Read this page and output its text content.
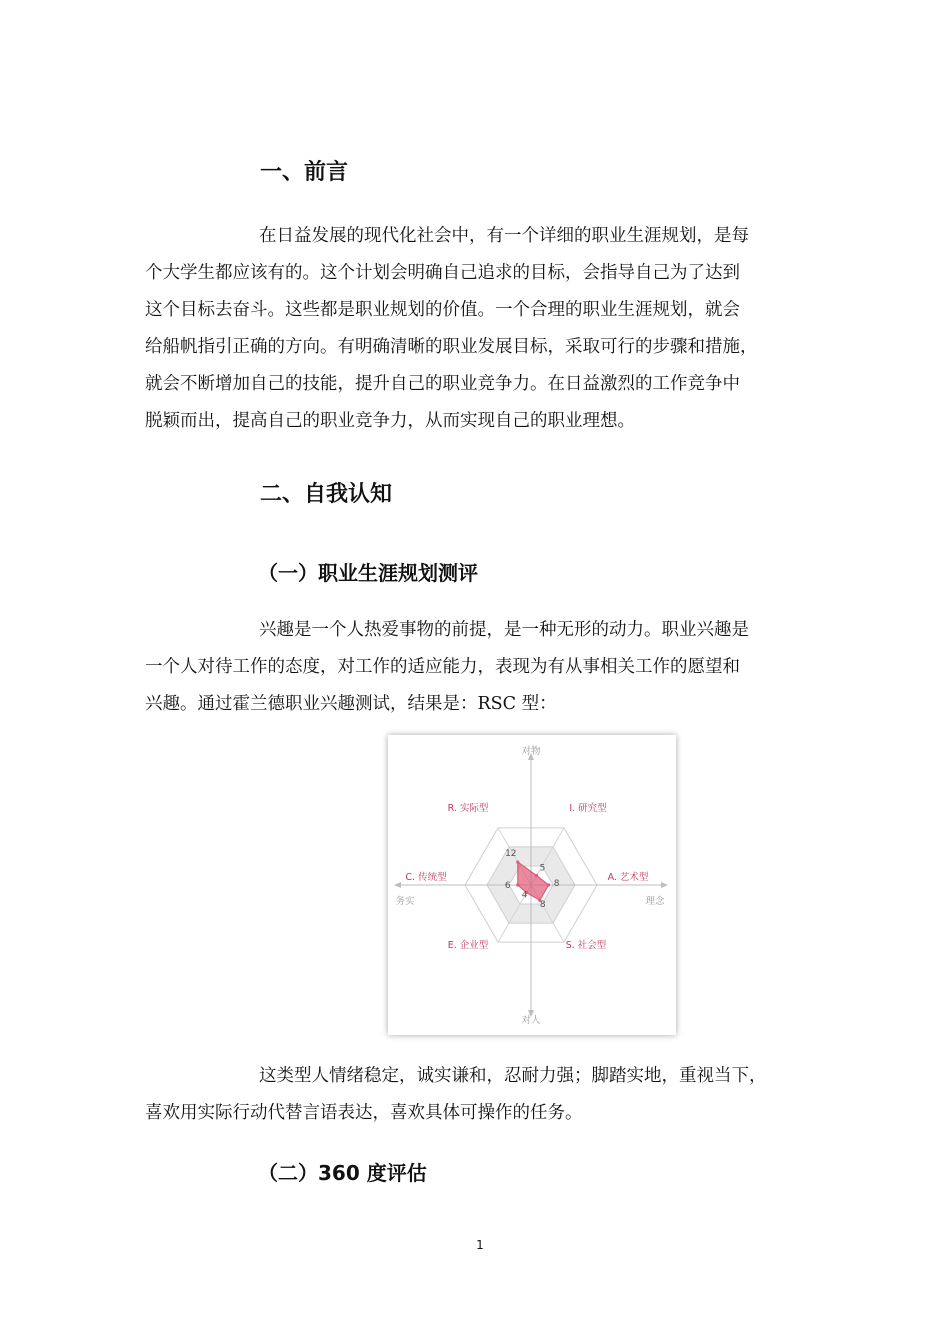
一、前言
在日益发展的现代化社会中，有一个详细的职业生涯规划，是每
个大学生都应该有的。这个计划会明确自己追求的目标，会指导自己为了达到
这个目标去奋斗。这些都是职业规划的价值。一个合理的职业生涯规划，就会
给船帆指引正确的方向。有明确清晰的职业发展目标，采取可行的步骤和措施，
就会不断增加自己的技能，提升自己的职业竞争力。在日益激烈的工作竞争中
脱颖而出，提高自己的职业竞争力，从而实现自己的职业理想。
二、自我认知
（一）职业生涯规划测评
兴趣是一个人热爱事物的前提，是一种无形的动力。职业兴趣是
一个人对待工作的态度，对工作的适应能力，表现为有从事相关工作的愿望和
兴趣。通过霍兰德职业兴趣测试，结果是：RSC 型：
12
5
8
8
4
6
R. 实际型	I. 研究型
A. 艺术型
S. 社会型
E. 企业型
C. 传统型
对物
对人
务实	理念
这类型人情绪稳定，诚实谦和，忍耐力强；脚踏实地，重视当下，
喜欢用实际行动代替言语表达，喜欢具体可操作的任务。
（二）360 度评估
1
